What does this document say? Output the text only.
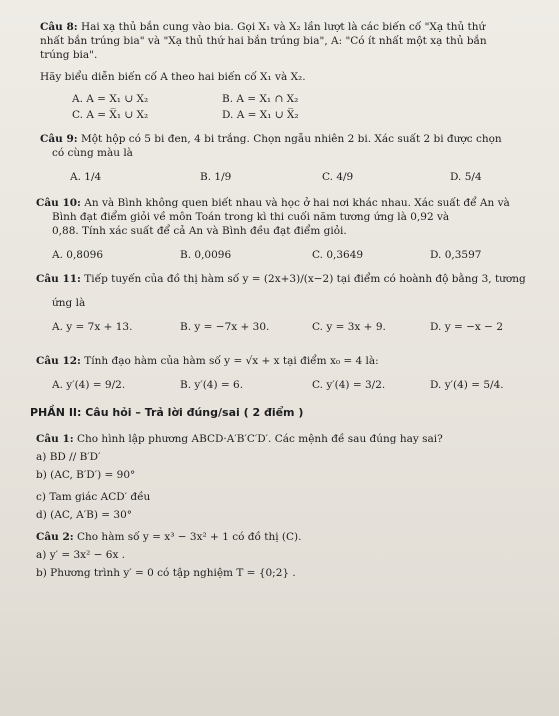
Câu 8: Hai xạ thủ bắn cung vào bia. Gọi X₁ và X₂ lần lượt là các biến cố "Xạ thủ thứ
nhất bắn trúng bia" và "Xạ thủ thứ hai bắn trúng bia", A: "Có ít nhất một xạ thủ bắn
trúng bia".
Hãy biểu diễn biến cố A theo hai biến cố X₁ và X₂.
A. A = X₁ ∪ X₂	B. A = X₁ ∩ X₂
C. A = X̅₁ ∪ X₂	D. A = X₁ ∪ X̅₂
Câu 9: Một hộp có 5 bi đen, 4 bi trắng. Chọn ngẫu nhiên 2 bi. Xác suất 2 bi được chọn
có cùng màu là
A. 1/4	B. 1/9	C. 4/9	D. 5/4
Câu 10: An và Bình không quen biết nhau và học ở hai nơi khác nhau. Xác suất để An và
Bình đạt điểm giỏi về môn Toán trong kì thi cuối năm tương ứng là 0,92 và
0,88. Tính xác suất để cả An và Bình đều đạt điểm giỏi.
A. 0,8096	B. 0,0096	C. 0,3649	D. 0,3597
Câu 11: Tiếp tuyến của đồ thị hàm số y = (2x+3)/(x−2) tại điểm có hoành độ bằng 3, tương
ứng là
A. y = 7x + 13.	B. y = −7x + 30.	C. y = 3x + 9.	D. y = −x − 2
Câu 12: Tính đạo hàm của hàm số y = √x + x tại điểm x₀ = 4 là:
A. y′(4) = 9/2.	B. y′(4) = 6.	C. y′(4) = 3/2.	D. y′(4) = 5/4.
PHẦN II: Câu hỏi – Trả lời đúng/sai ( 2 điểm )
Câu 1: Cho hình lập phương ABCD·A′B′C′D′. Các mệnh đề sau đúng hay sai?
a) BD // B′D′
b) (AC, B′D′) = 90°
c) Tam giác ACD′ đều
d) (AC, A′B) = 30°
Câu 2: Cho hàm số y = x³ − 3x² + 1 có đồ thị (C).
a) y′ = 3x² − 6x .
b) Phương trình y′ = 0 có tập nghiệm T = {0;2} .
